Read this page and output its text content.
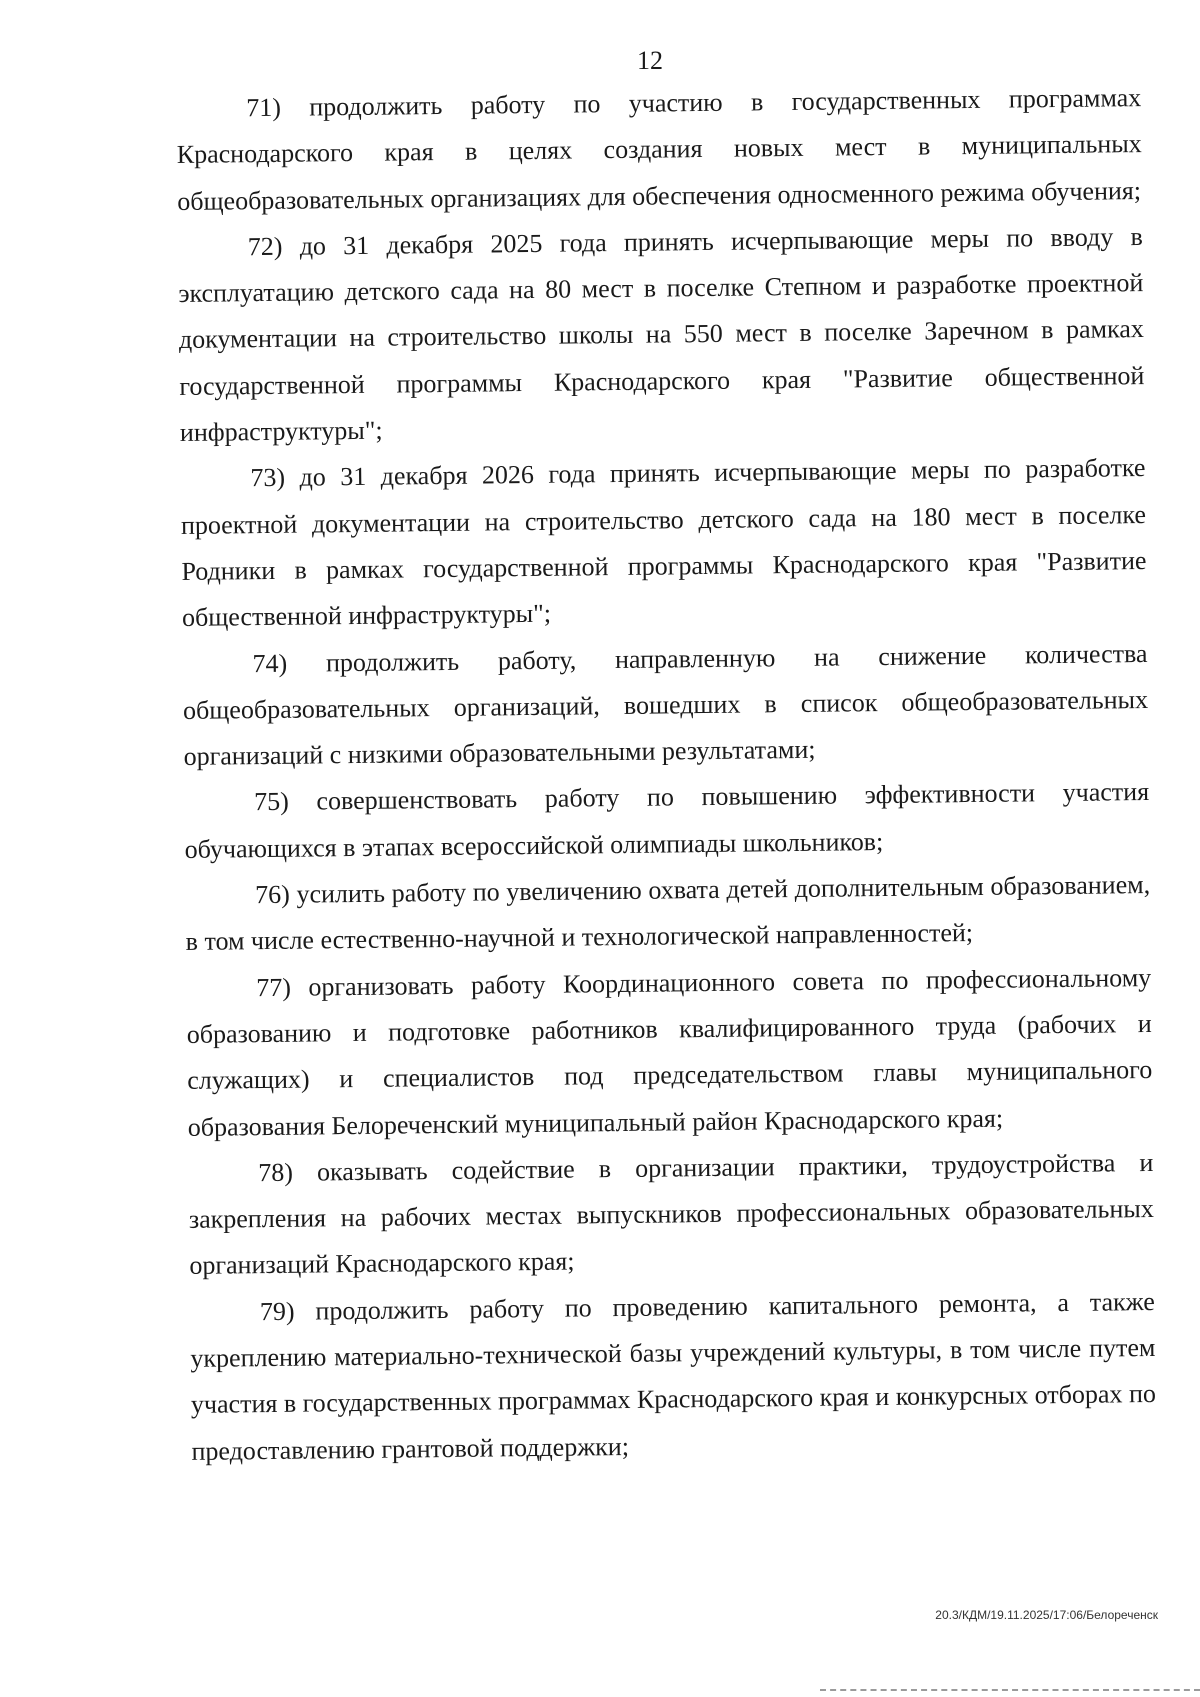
12

71) продолжить работу по участию в государственных программах Краснодарского края в целях создания новых мест в муниципальных общеобразовательных организациях для обеспечения односменного режима обучения;

72) до 31 декабря 2025 года принять исчерпывающие меры по вводу в эксплуатацию детского сада на 80 мест в поселке Степном и разработке проектной документации на строительство школы на 550 мест в поселке Заречном в рамках государственной программы Краснодарского края "Развитие общественной инфраструктуры";

73) до 31 декабря 2026 года принять исчерпывающие меры по разработке проектной документации на строительство детского сада на 180 мест в поселке Родники в рамках государственной программы Краснодарского края "Развитие общественной инфраструктуры";

74) продолжить работу, направленную на снижение количества общеобразовательных организаций, вошедших в список общеобразовательных организаций с низкими образовательными результатами;

75) совершенствовать работу по повышению эффективности участия обучающихся в этапах всероссийской олимпиады школьников;

76) усилить работу по увеличению охвата детей дополнительным образованием, в том числе естественно-научной и технологической направленностей;

77) организовать работу Координационного совета по профессиональному образованию и подготовке работников квалифицированного труда (рабочих и служащих) и специалистов под председательством главы муниципального образования Белореченский муниципальный район Краснодарского края;

78) оказывать содействие в организации практики, трудоустройства и закрепления на рабочих местах выпускников профессиональных образовательных организаций Краснодарского края;

79) продолжить работу по проведению капитального ремонта, а также укреплению материально-технической базы учреждений культуры, в том числе путем участия в государственных программах Краснодарского края и конкурсных отборах по предоставлению грантовой поддержки;

20.3/КДМ/19.11.2025/17:06/Белореченск
